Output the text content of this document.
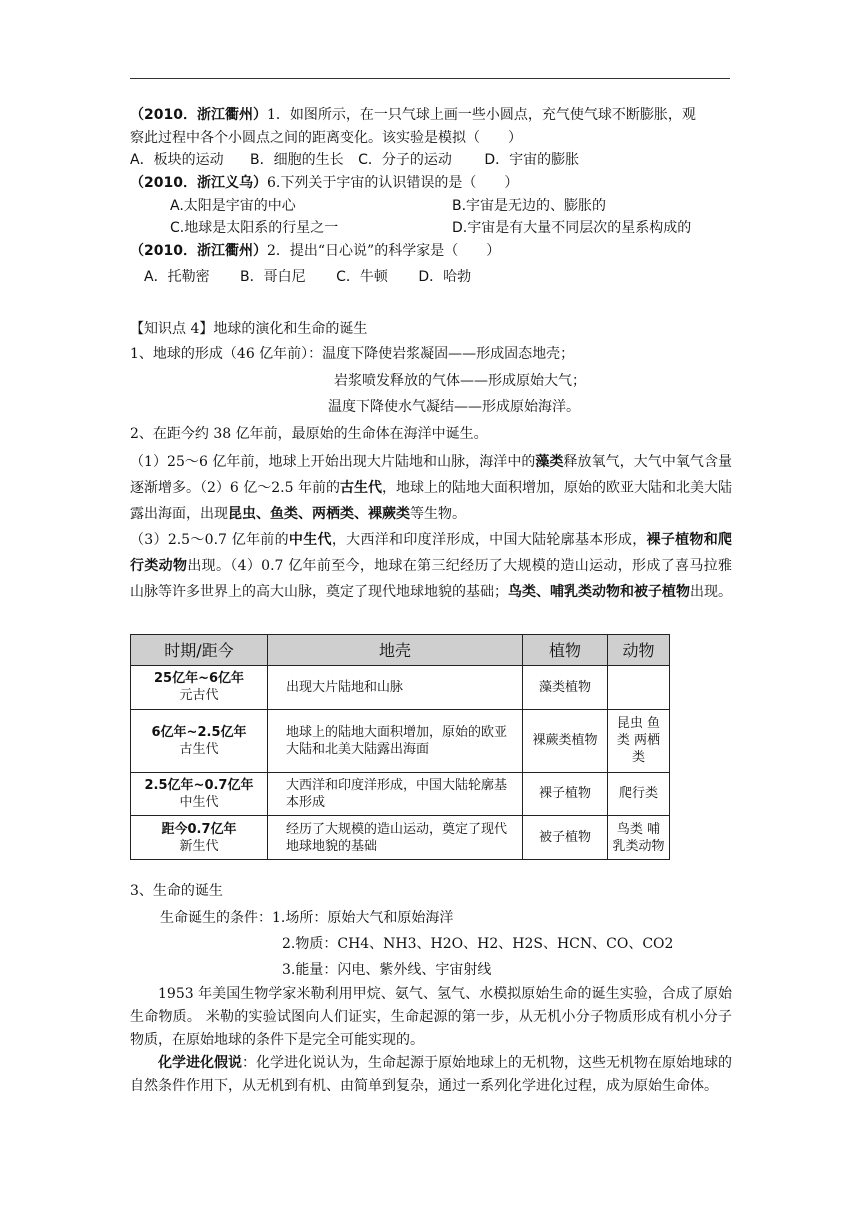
（2010．浙江衢州）1．如图所示，在一只气球上画一些小圆点，充气使气球不断膨胀，观
察此过程中各个小圆点之间的距离变化。该实验是模拟（　　）
A．板块的运动 B．细胞的生长 C．分子的运动 D．宇宙的膨胀
（2010．浙江义乌）6.下列关于宇宙的认识错误的是（　　）
A.太阳是宇宙的中心	B.宇宙是无边的、膨胀的
C.地球是太阳系的行星之一	D.宇宙是有大量不同层次的星系构成的
（2010．浙江衢州）2．提出“日心说”的科学家是（　　）
A．托勒密 B．哥白尼 C．牛顿 D．哈勃
【知识点 4】地球的演化和生命的诞生
1、地球的形成（46 亿年前）：温度下降使岩浆凝固——形成固态地壳；
岩浆喷发释放的气体——形成原始大气；
温度下降使水气凝结——形成原始海洋。
2、在距今约 38 亿年前，最原始的生命体在海洋中诞生。
（1）25～6 亿年前，地球上开始出现大片陆地和山脉，海洋中的藻类释放氧气，大气中氧气含量逐渐增多。（2）6 亿～2.5 年前的古生代，地球上的陆地大面积增加，原始的欧亚大陆和北美大陆露出海面，出现昆虫、鱼类、两栖类、裸蕨类等生物。
（3）2.5～0.7 亿年前的中生代，大西洋和印度洋形成，中国大陆轮廓基本形成，裸子植物和爬行类动物出现。（4）0.7 亿年前至今，地球在第三纪经历了大规模的造山运动，形成了喜马拉雅山脉等许多世界上的高大山脉，奠定了现代地球地貌的基础；鸟类、哺乳类动物和被子植物出现。
时期/距今	地壳	植物	动物

25亿年~6亿年
元古代	出现大片陆地和山脉	藻类植物	

6亿年~2.5亿年
古生代	地球上的陆地大面积增加，原始的欧亚大陆和北美大陆露出海面	裸蕨类植物	昆虫 鱼类 两栖类

2.5亿年~0.7亿年
中生代	大西洋和印度洋形成，中国大陆轮廓基本形成	裸子植物	爬行类

距今0.7亿年
新生代	经历了大规模的造山运动，奠定了现代地球地貌的基础	被子植物	鸟类 哺乳类动物
3、生命的诞生
生命诞生的条件：1.场所：原始大气和原始海洋
2.物质：CH4、NH3、H2O、H2、H2S、HCN、CO、CO2
3.能量：闪电、紫外线、宇宙射线
1953 年美国生物学家米勒利用甲烷、氨气、氢气、水模拟原始生命的诞生实验，合成了原始生命物质。 米勒的实验试图向人们证实，生命起源的第一步，从无机小分子物质形成有机小分子物质，在原始地球的条件下是完全可能实现的。
化学进化假说：化学进化说认为，生命起源于原始地球上的无机物，这些无机物在原始地球的自然条件作用下，从无机到有机、由简单到复杂，通过一系列化学进化过程，成为原始生命体。
